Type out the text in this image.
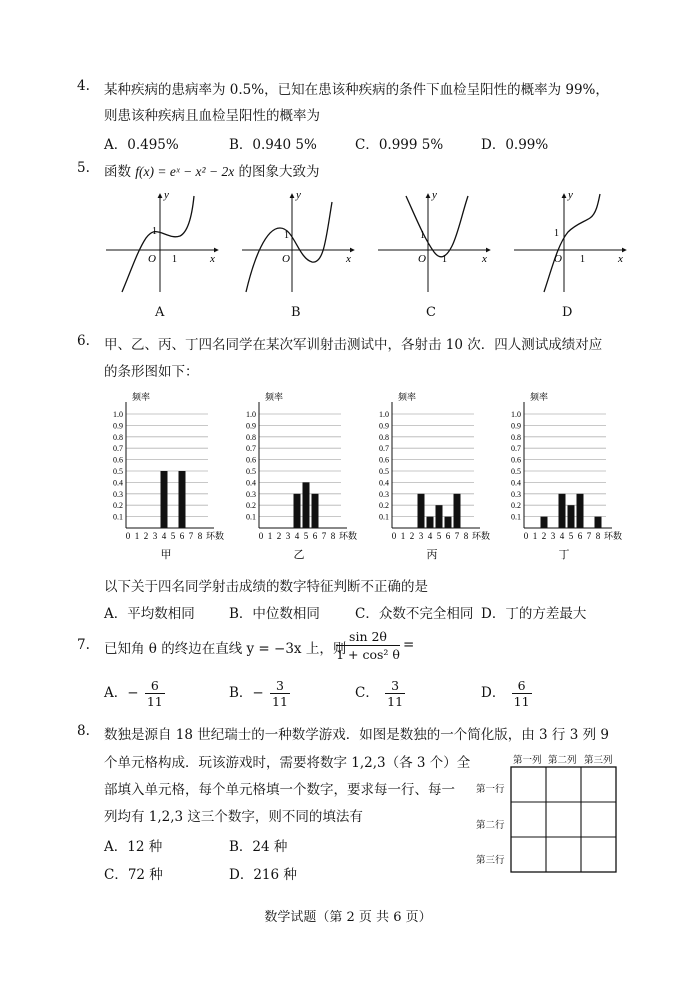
4. 某种疾病的患病率为 0.5%，已知在患该种疾病的条件下血检呈阳性的概率为 99%，
则患该种疾病且血检呈阳性的概率为
A．0.495%	B．0.940 5%	C．0.999 5%	D．0.99%
5. 函数 f(x) = eˣ − x² − 2x 的图象大致为
y
x
O
1
1
y
x
O
1
y
x
O
1
1
y
x
O
1
1
A	B	C	D
6. 甲、乙、丙、丁四名同学在某次军训射击测试中，各射击 10 次．四人测试成绩对应
的条形图如下：
0.1
0.2
0.3
0.4
0.5
0.6
0.7
0.8
0.9
1.0
频率
0 1 2 3 4 5 6 7 8 环数
甲
0.1
0.2
0.3
0.4
0.5
0.6
0.7
0.8
0.9
1.0
频率
0 1 2 3 4 5 6 7 8 环数
乙
0.1
0.2
0.3
0.4
0.5
0.6
0.7
0.8
0.9
1.0
频率
0 1 2 3 4 5 6 7 8 环数
丙
0.1
0.2
0.3
0.4
0.5
0.6
0.7
0.8
0.9
1.0
频率
0 1 2 3 4 5 6 7 8 环数
丁
以下关于四名同学射击成绩的数字特征判断不正确的是
A．平均数相同	B．中位数相同	C．众数不完全相同 D．丁的方差最大
7. 已知角 θ 的终边在直线 y = −3x 上，则
$\frac{\sin 2\theta}{\text{1 + cos² θ}}$ =
A．− $\frac{6}{11}$	B．− $\frac{3}{11}$	C． $\frac{3}{11}$	D． $\frac{6}{11}$
8. 数独是源自 18 世纪瑞士的一种数学游戏．如图是数独的一个简化版，由 3 行 3 列 9
个单元格构成．玩该游戏时，需要将数字 1,2,3（各 3 个）全
部填入单元格，每个单元格填一个数字，要求每一行、每一
列均有 1,2,3 这三个数字，则不同的填法有
A．12 种	B．24 种
C．72 种	D．216 种
第一列 第二列 第三列
第一行
第二行
第三行
数学试题（第 2 页 共 6 页）
